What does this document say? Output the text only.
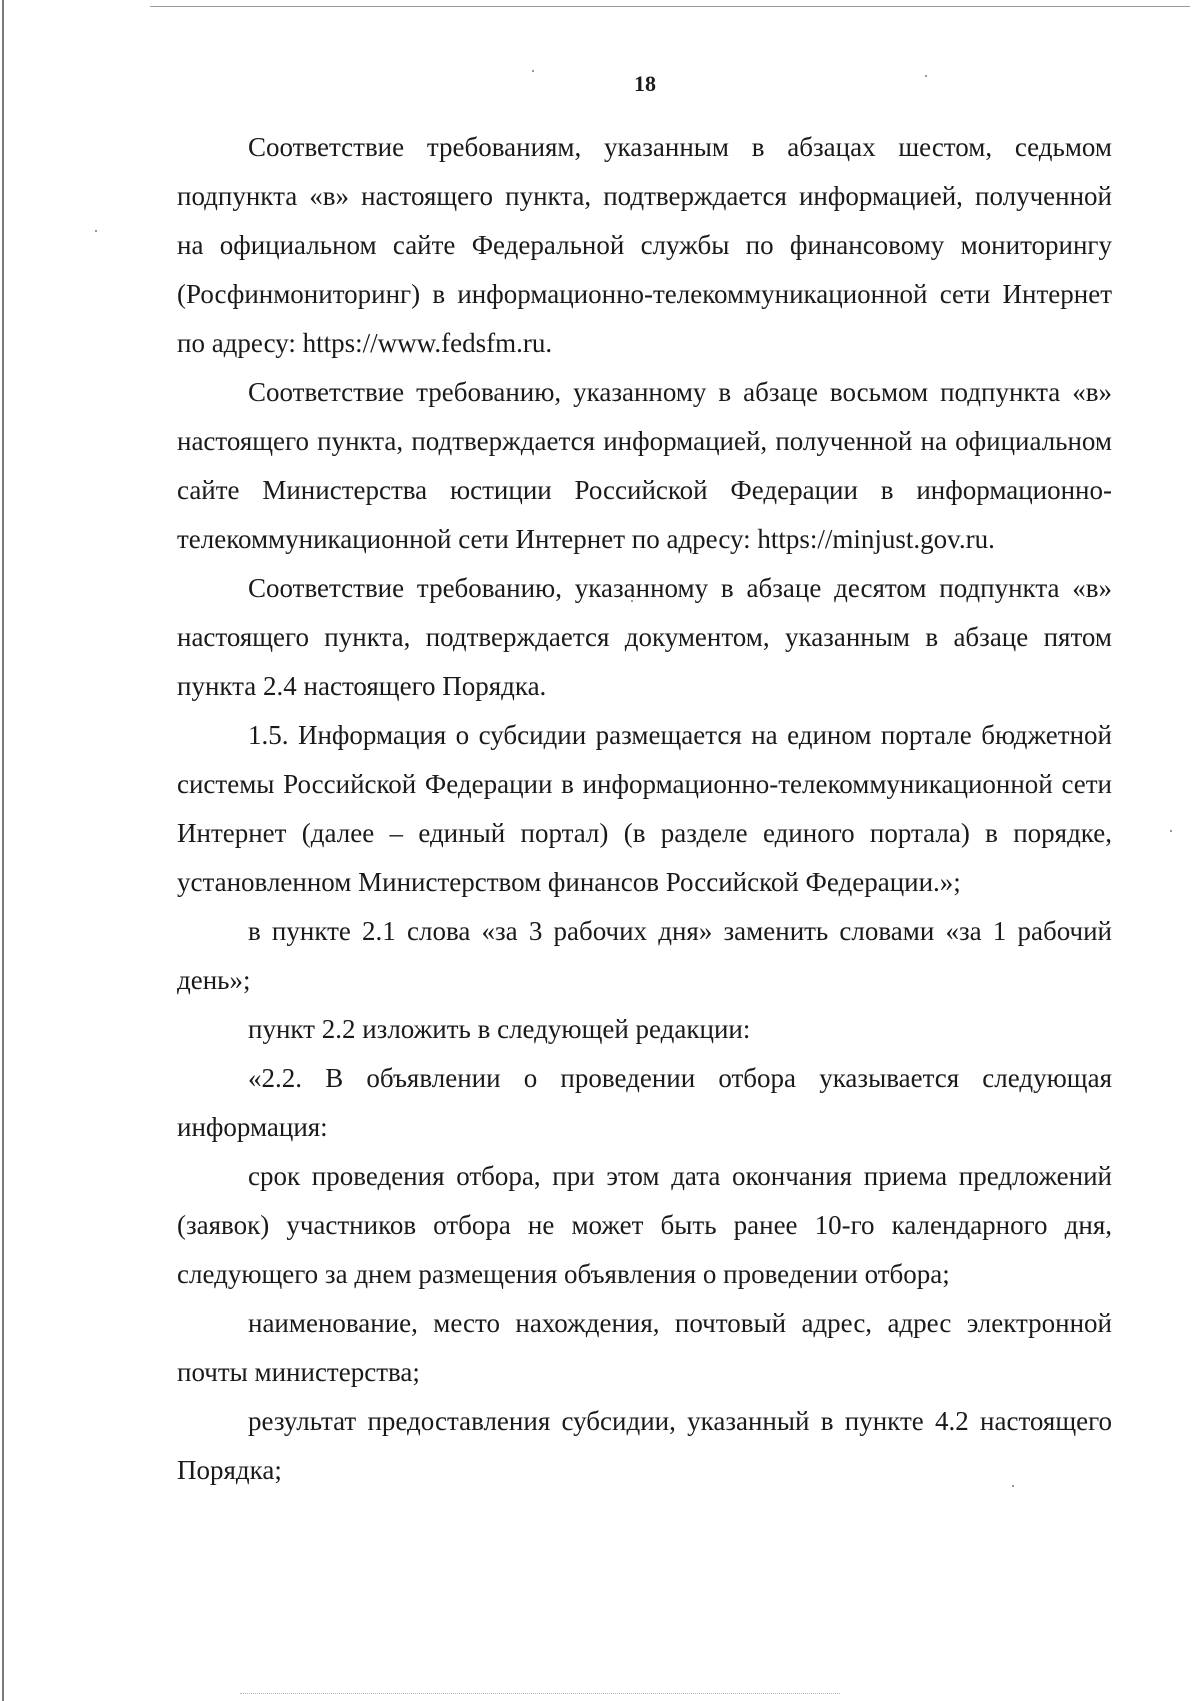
18

Соответствие требованиям, указанным в абзацах шестом, седьмом подпункта «в» настоящего пункта, подтверждается информацией, полученной на официальном сайте Федеральной службы по финансовому мониторингу (Росфинмониторинг) в информационно-телекоммуникационной сети Интернет по адресу: https://www.fedsfm.ru.

Соответствие требованию, указанному в абзаце восьмом подпункта «в» настоящего пункта, подтверждается информацией, полученной на официальном сайте Министерства юстиции Российской Федерации в информационно-телекоммуникационной сети Интернет по адресу: https://minjust.gov.ru.

Соответствие требованию, указанному в абзаце десятом подпункта «в» настоящего пункта, подтверждается документом, указанным в абзаце пятом пункта 2.4 настоящего Порядка.

1.5. Информация о субсидии размещается на едином портале бюджетной системы Российской Федерации в информационно-телекоммуникационной сети Интернет (далее – единый портал) (в разделе единого портала) в порядке, установленном Министерством финансов Российской Федерации.»;

в пункте 2.1 слова «за 3 рабочих дня» заменить словами «за 1 рабочий день»;

пункт 2.2 изложить в следующей редакции:

«2.2. В объявлении о проведении отбора указывается следующая информация:

срок проведения отбора, при этом дата окончания приема предложений (заявок) участников отбора не может быть ранее 10-го календарного дня, следующего за днем размещения объявления о проведении отбора;

наименование, место нахождения, почтовый адрес, адрес электронной почты министерства;

результат предоставления субсидии, указанный в пункте 4.2 настоящего Порядка;
